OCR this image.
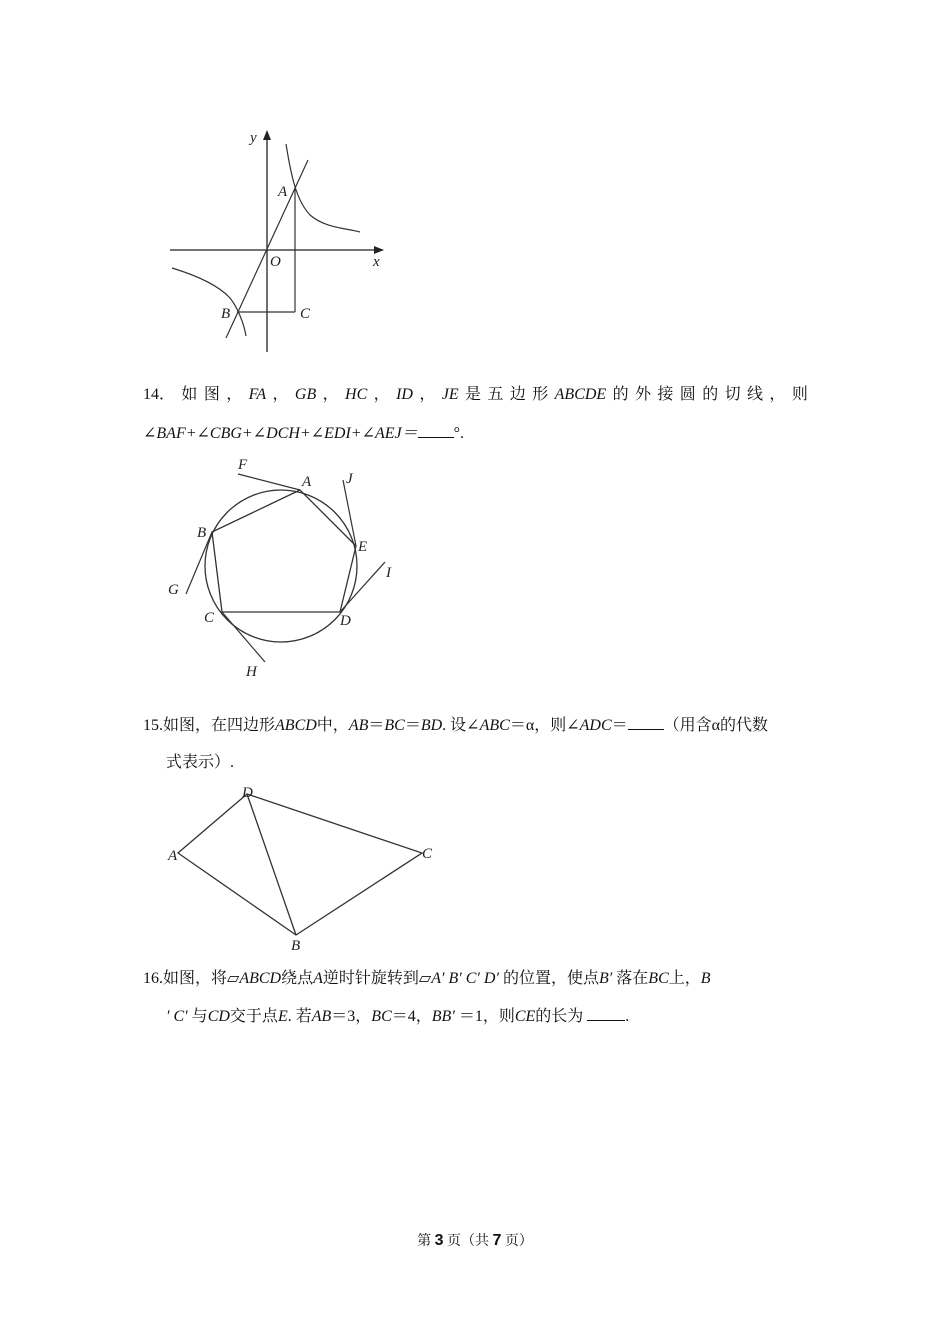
y
x
O
A
B	C
14． 如 图 ， FA ， GB ， HC ， ID ， JE 是 五 边 形 ABCDE 的 外 接 圆 的 切 线 ， 则
∠BAF+∠CBG+∠DCH+∠EDI+∠AEJ＝ °.
F
A J
B
E
G
I
C	D
H
15.如图，在四边形ABCD中，AB＝BC＝BD. 设∠ABC＝α，则∠ADC＝ （用含α的代数
式表示）.
D
A	C
B
16.如图，将▱ABCD绕点A逆时针旋转到▱A′ B′ C′ D′ 的位置，使点B′ 落在BC上，B
′ C′ 与CD交于点E. 若AB＝3，BC＝4，BB′ ＝1，则CE的长为	.
第 3 页（共 7 页）
